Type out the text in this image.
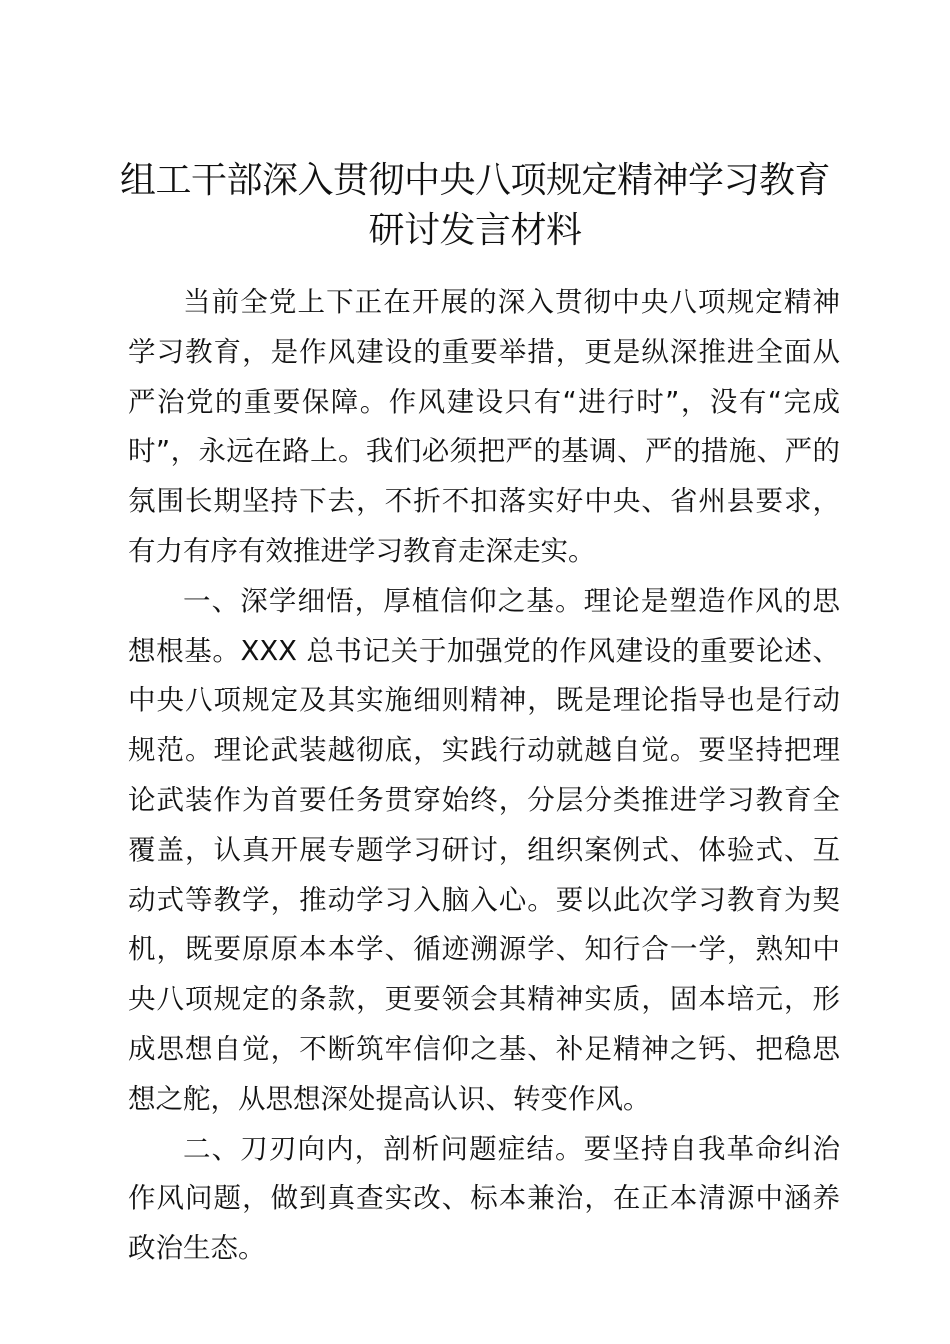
组工干部深入贯彻中央八项规定精神学习教育
研讨发言材料

当前全党上下正在开展的深入贯彻中央八项规定精神学习教育，是作风建设的重要举措，更是纵深推进全面从严治党的重要保障。作风建设只有“进行时”，没有“完成时”，永远在路上。我们必须把严的基调、严的措施、严的氛围长期坚持下去，不折不扣落实好中央、省州县要求，有力有序有效推进学习教育走深走实。

一、深学细悟，厚植信仰之基。理论是塑造作风的思想根基。XXX 总书记关于加强党的作风建设的重要论述、中央八项规定及其实施细则精神，既是理论指导也是行动规范。理论武装越彻底，实践行动就越自觉。要坚持把理论武装作为首要任务贯穿始终，分层分类推进学习教育全覆盖，认真开展专题学习研讨，组织案例式、体验式、互动式等教学，推动学习入脑入心。要以此次学习教育为契机，既要原原本本学、循迹溯源学、知行合一学，熟知中央八项规定的条款，更要领会其精神实质，固本培元，形成思想自觉，不断筑牢信仰之基、补足精神之钙、把稳思想之舵，从思想深处提高认识、转变作风。

二、刀刃向内，剖析问题症结。要坚持自我革命纠治作风问题，做到真查实改、标本兼治，在正本清源中涵养政治生态。
